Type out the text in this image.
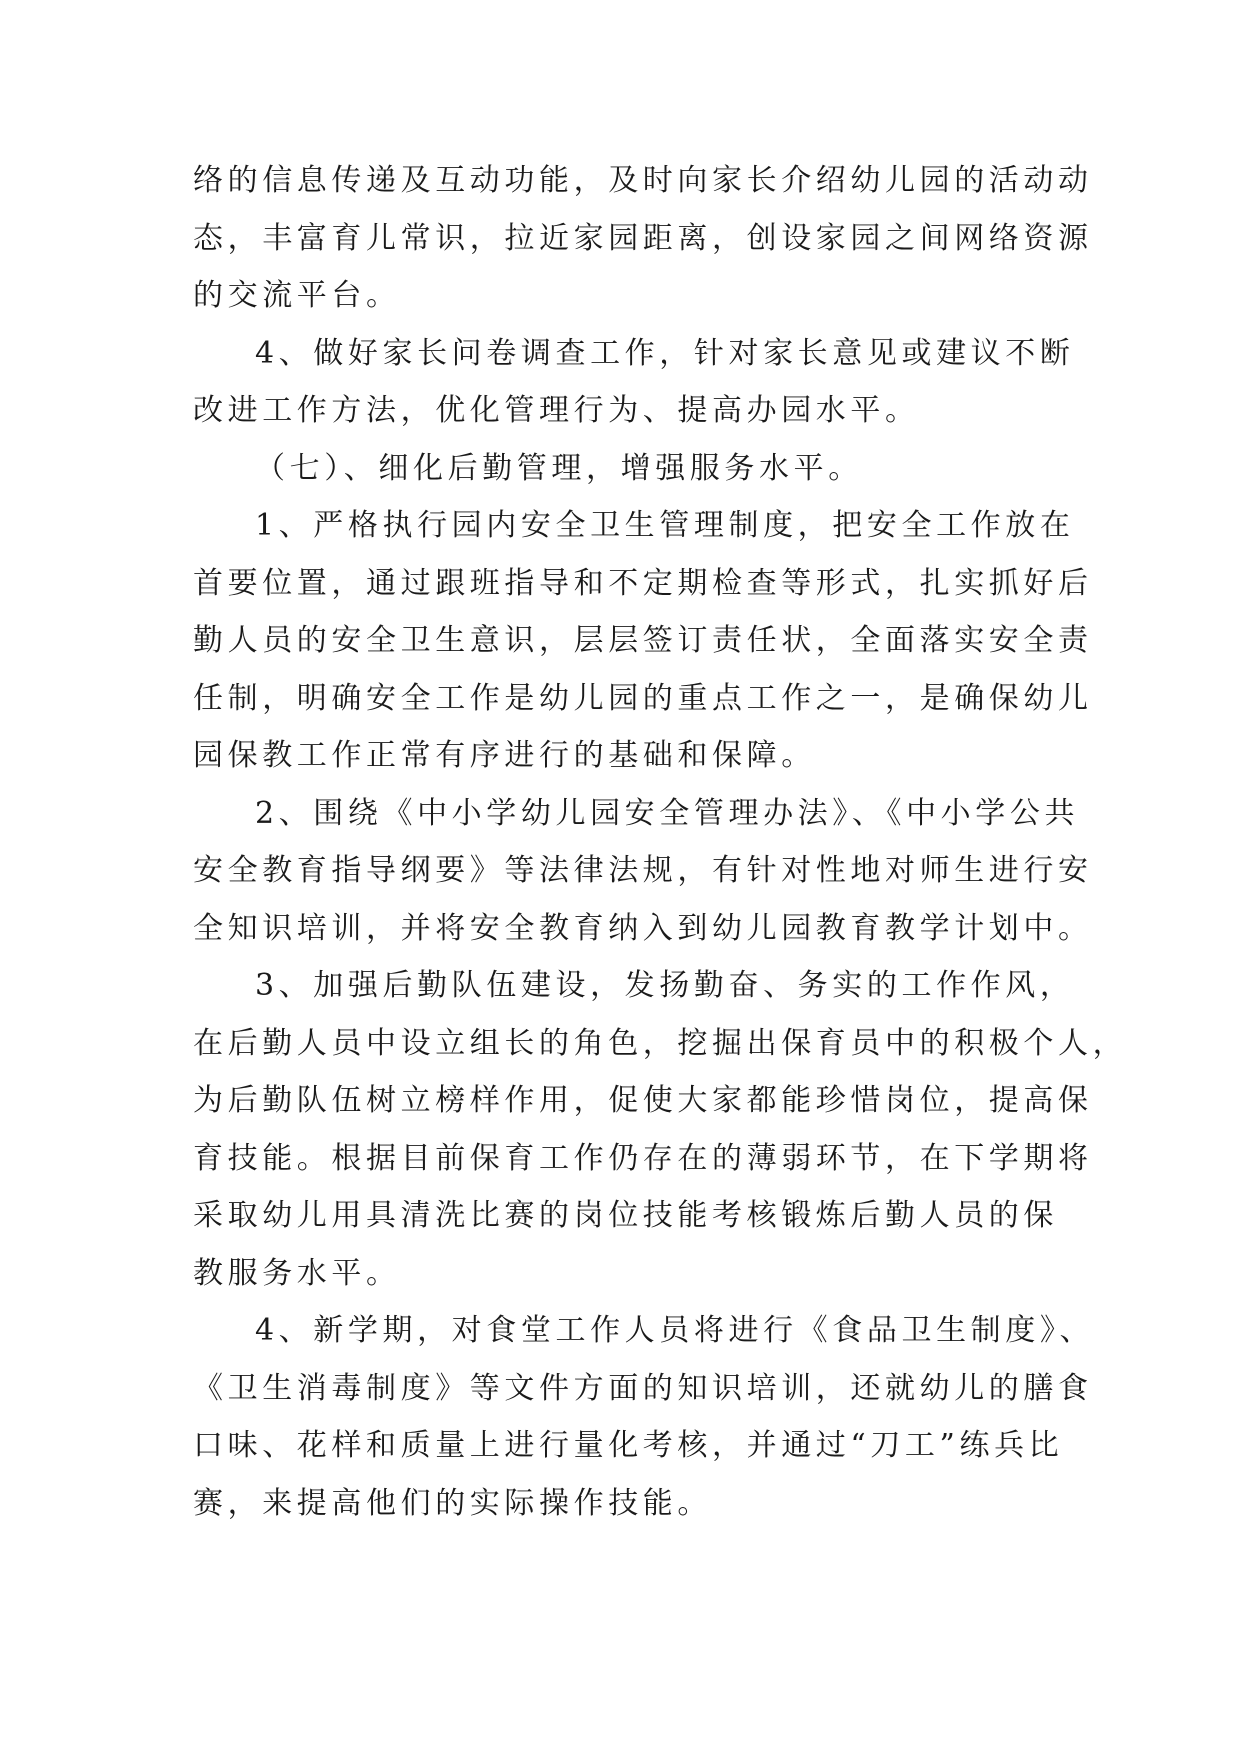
络的信息传递及互动功能，及时向家长介绍幼儿园的活动动
态，丰富育儿常识，拉近家园距离，创设家园之间网络资源
的交流平台。
4、做好家长问卷调查工作，针对家长意见或建议不断
改进工作方法，优化管理行为、提高办园水平。
（七）、细化后勤管理，增强服务水平。
1、严格执行园内安全卫生管理制度，把安全工作放在
首要位置，通过跟班指导和不定期检查等形式，扎实抓好后
勤人员的安全卫生意识，层层签订责任状，全面落实安全责
任制，明确安全工作是幼儿园的重点工作之一，是确保幼儿
园保教工作正常有序进行的基础和保障。
2、围绕《中小学幼儿园安全管理办法》、《中小学公共
安全教育指导纲要》等法律法规，有针对性地对师生进行安
全知识培训，并将安全教育纳入到幼儿园教育教学计划中。
3、加强后勤队伍建设，发扬勤奋、务实的工作作风，
在后勤人员中设立组长的角色，挖掘出保育员中的积极个人，
为后勤队伍树立榜样作用，促使大家都能珍惜岗位，提高保
育技能。根据目前保育工作仍存在的薄弱环节，在下学期将
采取幼儿用具清洗比赛的岗位技能考核锻炼后勤人员的保
教服务水平。
4、新学期，对食堂工作人员将进行《食品卫生制度》、
《卫生消毒制度》等文件方面的知识培训，还就幼儿的膳食
口味、花样和质量上进行量化考核，并通过“刀工”练兵比
赛，来提高他们的实际操作技能。
